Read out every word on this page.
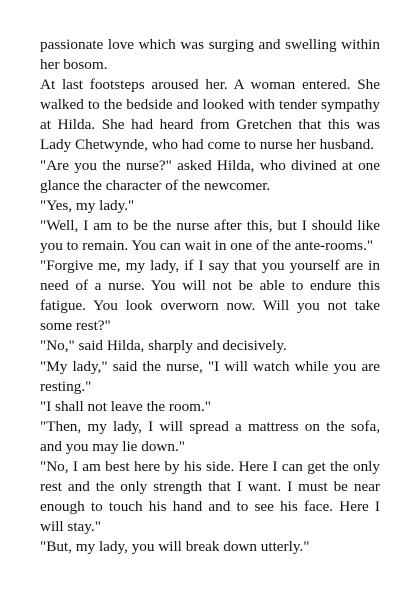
passionate love which was surging and swelling within her bosom.

At last footsteps aroused her. A woman entered. She walked to the bedside and looked with tender sympathy at Hilda. She had heard from Gretchen that this was Lady Chetwynde, who had come to nurse her husband.

"Are you the nurse?" asked Hilda, who divined at one glance the character of the newcomer.

"Yes, my lady."

"Well, I am to be the nurse after this, but I should like you to remain. You can wait in one of the ante-rooms."

"Forgive me, my lady, if I say that you yourself are in need of a nurse. You will not be able to endure this fatigue. You look overworn now. Will you not take some rest?"

"No," said Hilda, sharply and decisively.

"My lady," said the nurse, "I will watch while you are resting."

"I shall not leave the room."

"Then, my lady, I will spread a mattress on the sofa, and you may lie down."

"No, I am best here by his side. Here I can get the only rest and the only strength that I want. I must be near enough to touch his hand and to see his face. Here I will stay."

"But, my lady, you will break down utterly."
